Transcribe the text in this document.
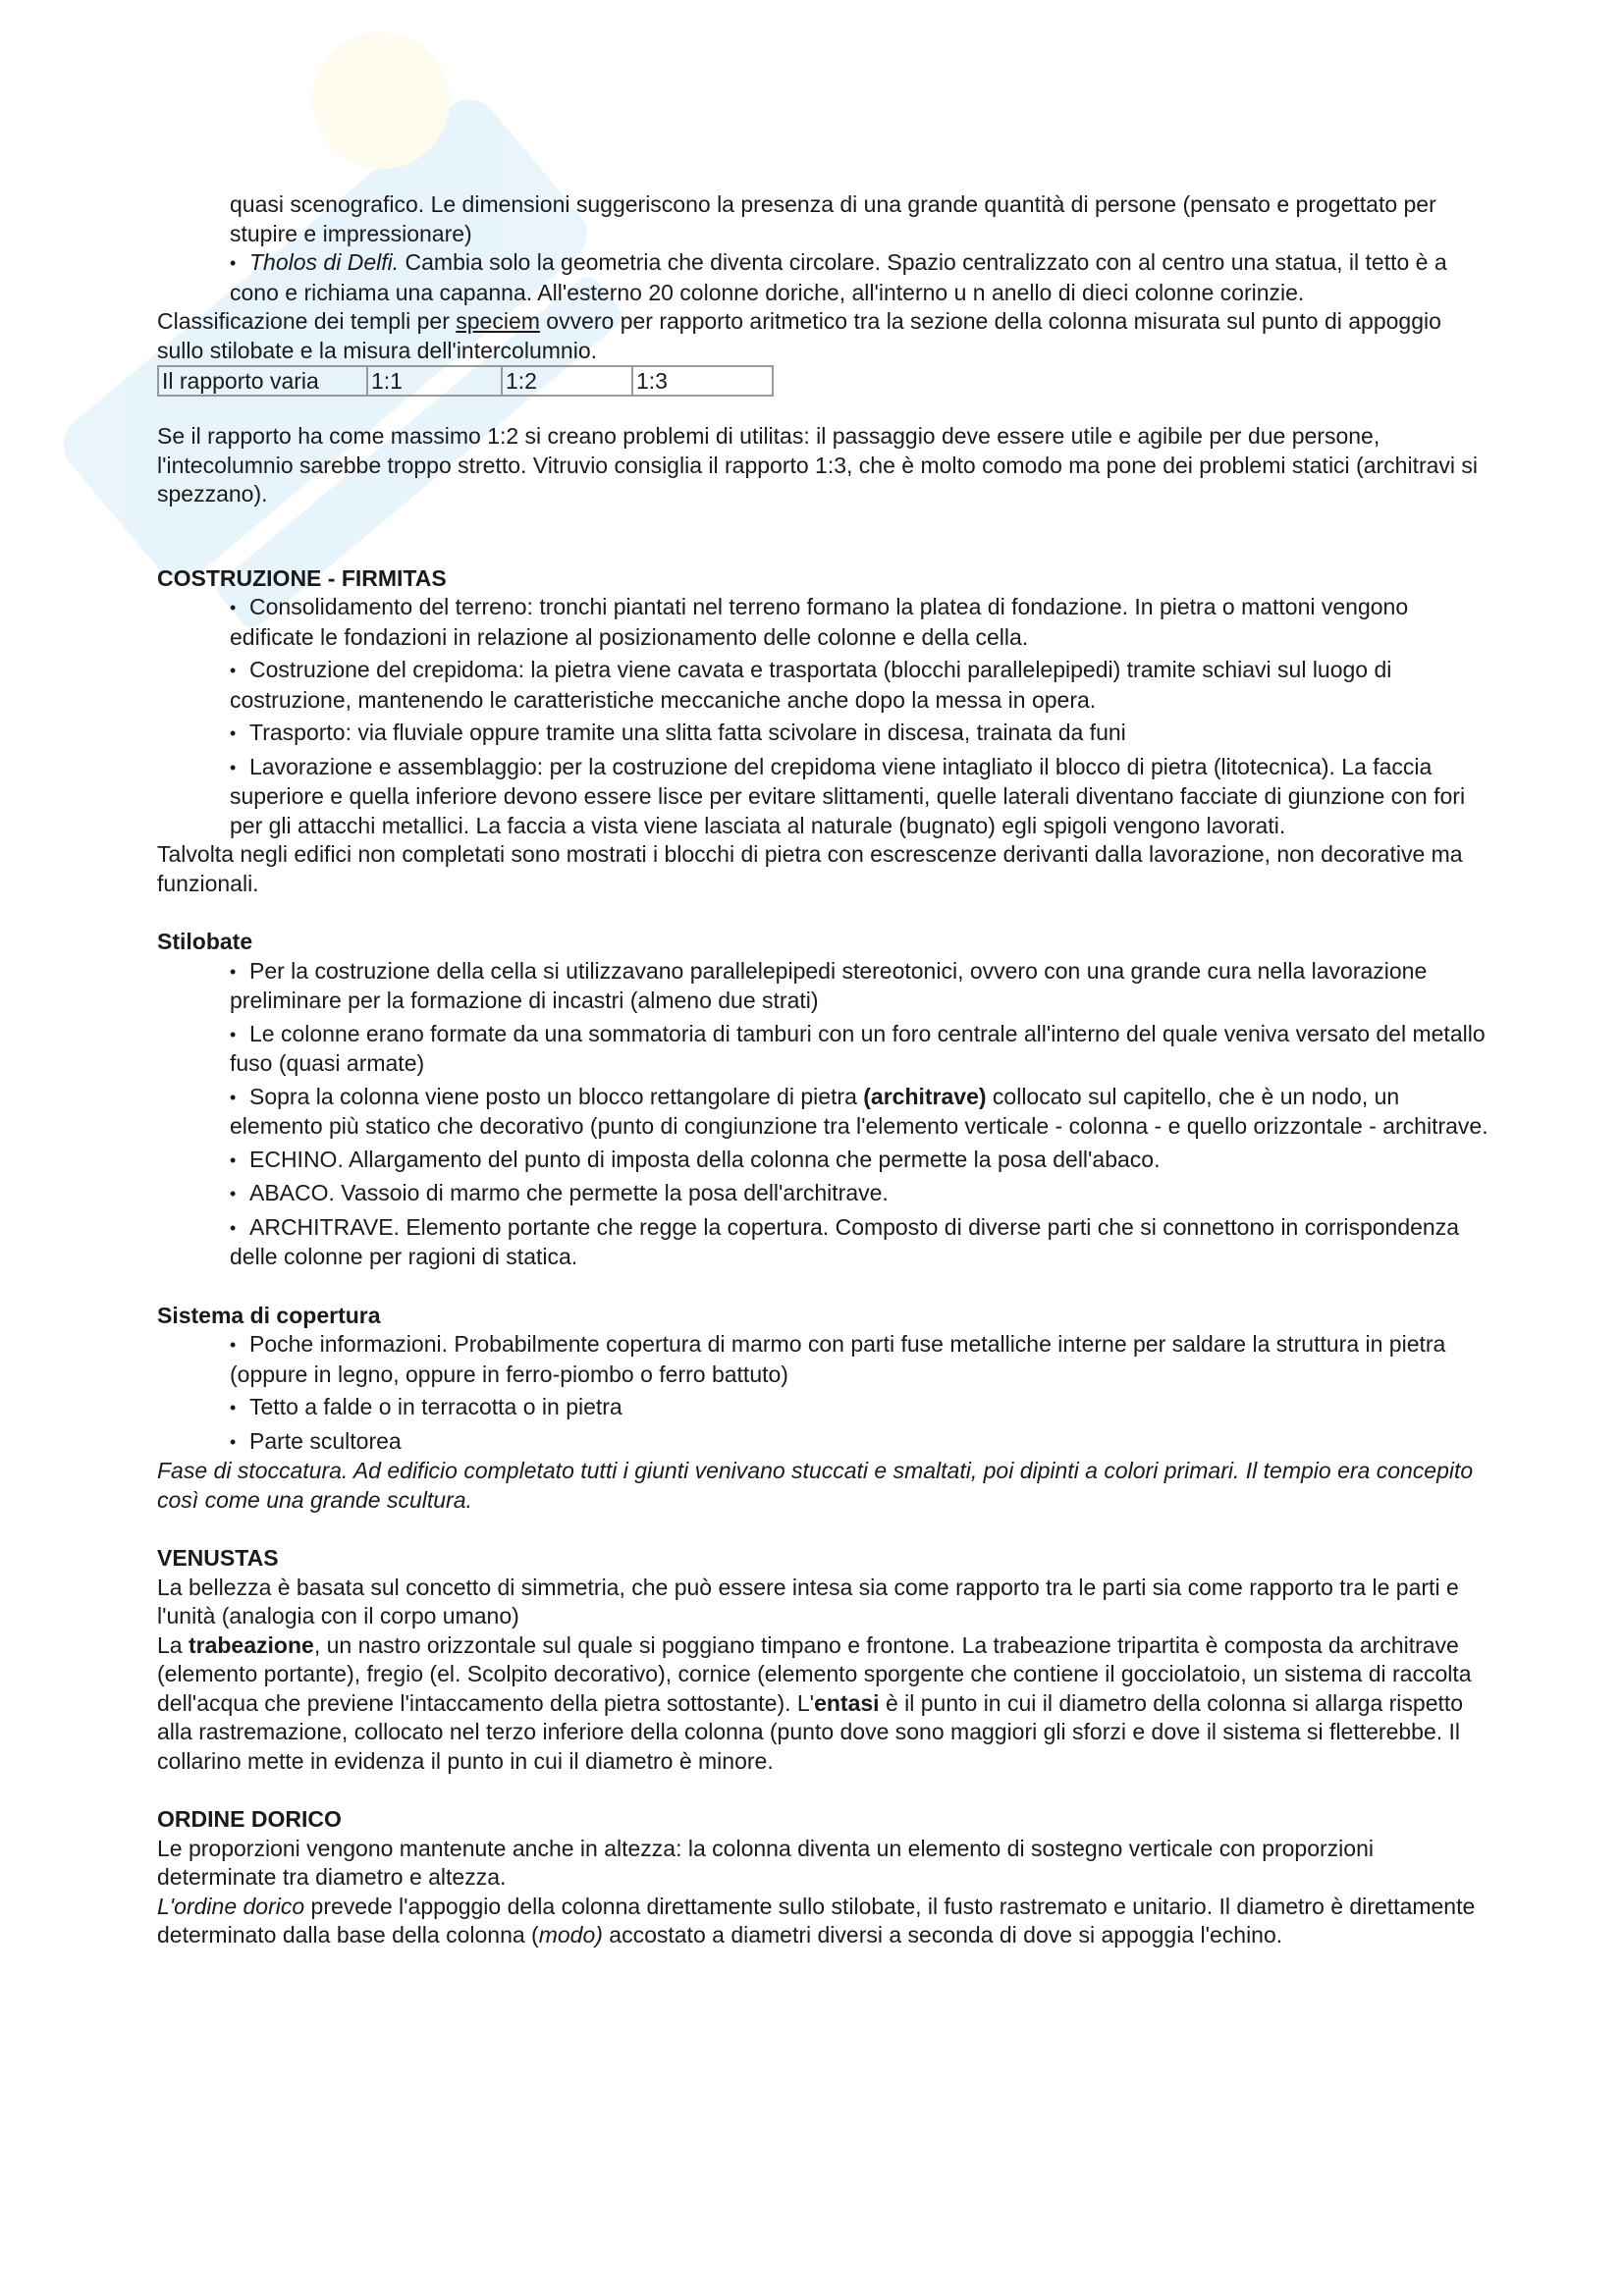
quasi scenografico. Le dimensioni suggeriscono la presenza di una grande quantità di persone (pensato e progettato per stupire e impressionare)

• Tholos di Delfi. Cambia solo la geometria che diventa circolare. Spazio centralizzato con al centro una statua, il tetto è a cono e richiama una capanna. All'esterno 20 colonne doriche, all'interno u n anello di dieci colonne corinzie.

Classificazione dei templi per speciem ovvero per rapporto aritmetico tra la sezione della colonna misurata sul punto di appoggio sullo stilobate e la misura dell'intercolumnio.

Il rapporto varia	1:1	1:2	1:3

Se il rapporto ha come massimo 1:2 si creano problemi di utilitas: il passaggio deve essere utile e agibile per due persone, l'intecolumnio sarebbe troppo stretto. Vitruvio consiglia il rapporto 1:3, che è molto comodo ma pone dei problemi statici (architravi si spezzano).

COSTRUZIONE - FIRMITAS

• Consolidamento del terreno: tronchi piantati nel terreno formano la platea di fondazione. In pietra o mattoni vengono edificate le fondazioni in relazione al posizionamento delle colonne e della cella.

• Costruzione del crepidoma: la pietra viene cavata e trasportata (blocchi parallelepipedi) tramite schiavi sul luogo di costruzione, mantenendo le caratteristiche meccaniche anche dopo la messa in opera.

• Trasporto: via fluviale oppure tramite una slitta fatta scivolare in discesa, trainata da funi

• Lavorazione e assemblaggio: per la costruzione del crepidoma viene intagliato il blocco di pietra (litotecnica). La faccia superiore e quella inferiore devono essere lisce per evitare slittamenti, quelle laterali diventano facciate di giunzione con fori per gli attacchi metallici. La faccia a vista viene lasciata al naturale (bugnato) egli spigoli vengono lavorati.

Talvolta negli edifici non completati sono mostrati i blocchi di pietra con escrescenze derivanti dalla lavorazione, non decorative ma funzionali.

Stilobate

• Per la costruzione della cella si utilizzavano parallelepipedi stereotonici, ovvero con una grande cura nella lavorazione preliminare per la formazione di incastri (almeno due strati)

• Le colonne erano formate da una sommatoria di tamburi con un foro centrale all'interno del quale veniva versato del metallo fuso (quasi armate)

• Sopra la colonna viene posto un blocco rettangolare di pietra (architrave) collocato sul capitello, che è un nodo, un elemento più statico che decorativo (punto di congiunzione tra l'elemento verticale - colonna - e quello orizzontale - architrave.

• ECHINO. Allargamento del punto di imposta della colonna che permette la posa dell'abaco.

• ABACO. Vassoio di marmo che permette la posa dell'architrave.

• ARCHITRAVE. Elemento portante che regge la copertura. Composto di diverse parti che si connettono in corrispondenza delle colonne per ragioni di statica.

Sistema di copertura

• Poche informazioni. Probabilmente copertura di marmo con parti fuse metalliche interne per saldare la struttura in pietra (oppure in legno, oppure in ferro-piombo o ferro battuto)

• Tetto a falde o in terracotta o in pietra

• Parte scultorea

Fase di stoccatura. Ad edificio completato tutti i giunti venivano stuccati e smaltati, poi dipinti a colori primari. Il tempio era concepito così come una grande scultura.

VENUSTAS

La bellezza è basata sul concetto di simmetria, che può essere intesa sia come rapporto tra le parti sia come rapporto tra le parti e l'unità (analogia con il corpo umano)

La trabeazione, un nastro orizzontale sul quale si poggiano timpano e frontone. La trabeazione tripartita è composta da architrave (elemento portante), fregio (el. Scolpito decorativo), cornice (elemento sporgente che contiene il gocciolatoio, un sistema di raccolta dell'acqua che previene l'intaccamento della pietra sottostante). L'entasi è il punto in cui il diametro della colonna si allarga rispetto alla rastremazione, collocato nel terzo inferiore della colonna (punto dove sono maggiori gli sforzi e dove il sistema si fletterebbe. Il collarino mette in evidenza il punto in cui il diametro è minore.

ORDINE DORICO

Le proporzioni vengono mantenute anche in altezza: la colonna diventa un elemento di sostegno verticale con proporzioni determinate tra diametro e altezza.

L'ordine dorico prevede l'appoggio della colonna direttamente sullo stilobate, il fusto rastremato e unitario. Il diametro è direttamente determinato dalla base della colonna (modo) accostato a diametri diversi a seconda di dove si appoggia l'echino.
